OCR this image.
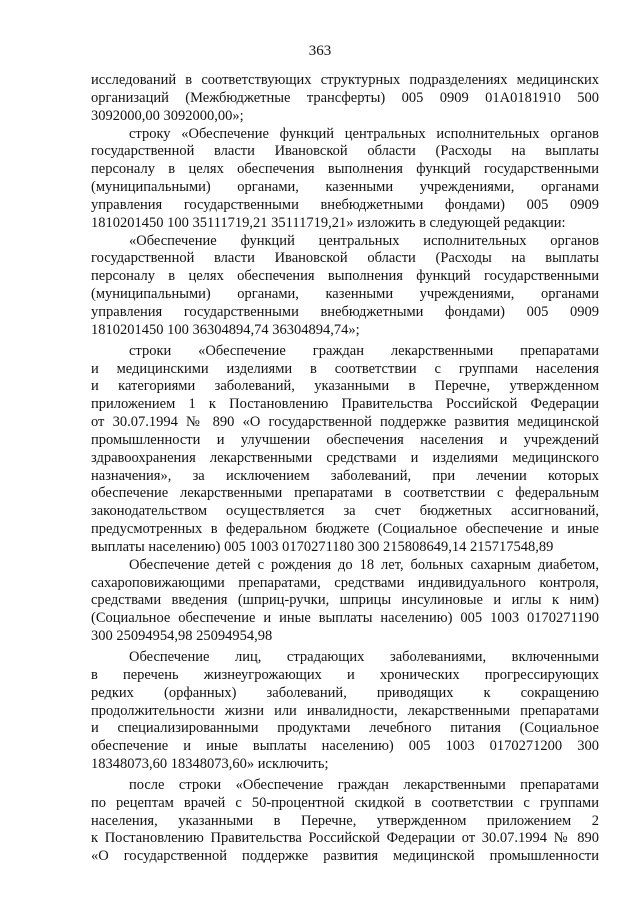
363

исследований в соответствующих структурных подразделениях медицинских
организаций (Межбюджетные трансферты) 005 0909 01А0181910 500
3092000,00 3092000,00»;

строку «Обеспечение функций центральных исполнительных органов
государственной власти Ивановской области (Расходы на выплаты
персоналу в целях обеспечения выполнения функций государственными
(муниципальными) органами, казенными учреждениями, органами
управления государственными внебюджетными фондами) 005 0909
1810201450 100 35111719,21 35111719,21» изложить в следующей редакции:

«Обеспечение функций центральных исполнительных органов
государственной власти Ивановской области (Расходы на выплаты
персоналу в целях обеспечения выполнения функций государственными
(муниципальными) органами, казенными учреждениями, органами
управления государственными внебюджетными фондами) 005 0909
1810201450 100 36304894,74 36304894,74»;

строки «Обеспечение граждан лекарственными препаратами
и медицинскими изделиями в соответствии с группами населения
и категориями заболеваний, указанными в Перечне, утвержденном
приложением 1 к Постановлению Правительства Российской Федерации
от 30.07.1994 № 890 «О государственной поддержке развития медицинской
промышленности и улучшении обеспечения населения и учреждений
здравоохранения лекарственными средствами и изделиями медицинского
назначения», за исключением заболеваний, при лечении которых
обеспечение лекарственными препаратами в соответствии с федеральным
законодательством осуществляется за счет бюджетных ассигнований,
предусмотренных в федеральном бюджете (Социальное обеспечение и иные
выплаты населению) 005 1003 0170271180 300 215808649,14 215717548,89

Обеспечение детей с рождения до 18 лет, больных сахарным диабетом,
сахароповижающими препаратами, средствами индивидуального контроля,
средствами введения (шприц-ручки, шприцы инсулиновые и иглы к ним)
(Социальное обеспечение и иные выплаты населению) 005 1003 0170271190
300 25094954,98 25094954,98

Обеспечение лиц, страдающих заболеваниями, включенными
в перечень жизнеугрожающих и хронических прогрессирующих
редких (орфанных) заболеваний, приводящих к сокращению
продолжительности жизни или инвалидности, лекарственными препаратами
и специализированными продуктами лечебного питания (Социальное
обеспечение и иные выплаты населению) 005 1003 0170271200 300
18348073,60 18348073,60» исключить;

после строки «Обеспечение граждан лекарственными препаратами
по рецептам врачей с 50-процентной скидкой в соответствии с группами
населения, указанными в Перечне, утвержденном приложением 2
к Постановлению Правительства Российской Федерации от 30.07.1994 № 890
«О государственной поддержке развития медицинской промышленности
